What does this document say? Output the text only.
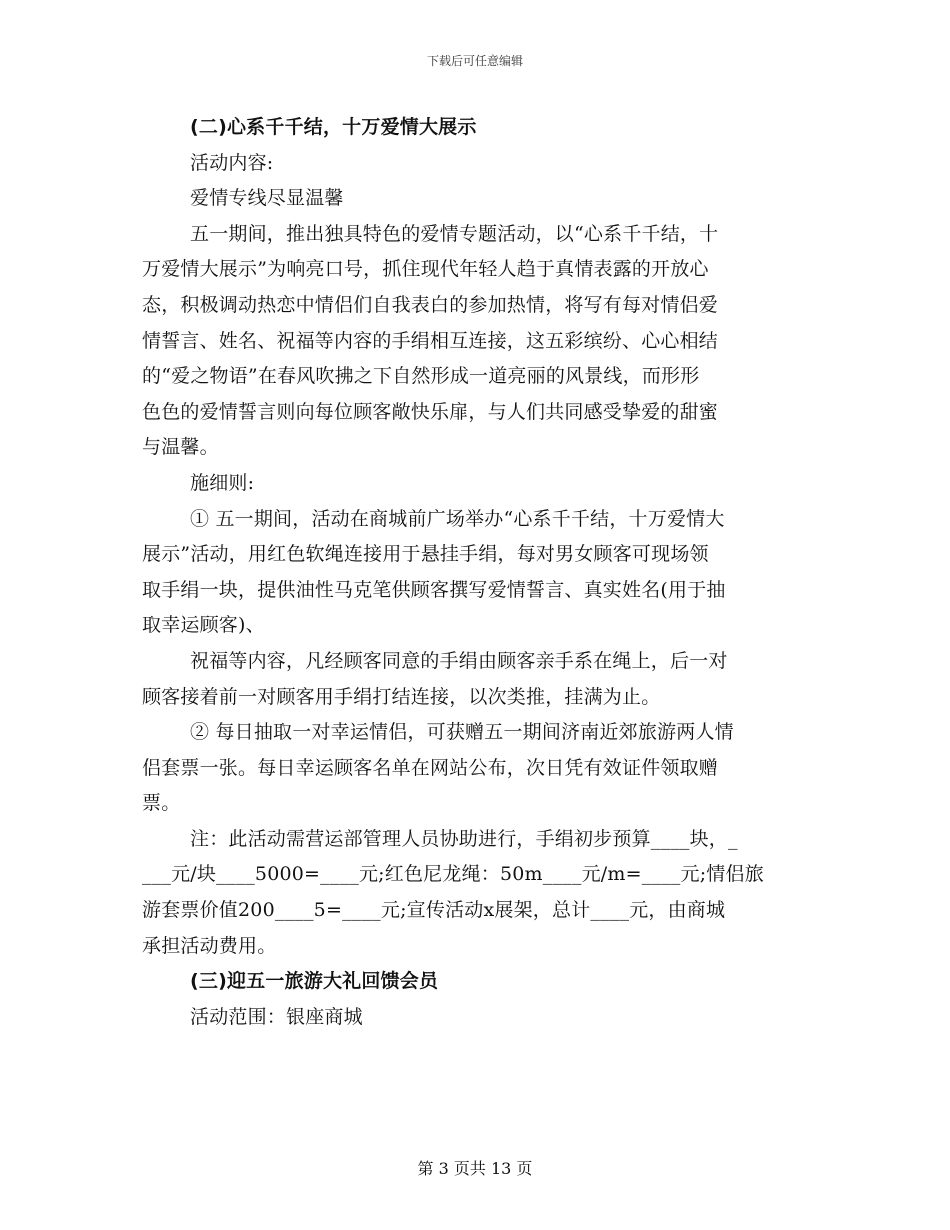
下载后可任意编辑
(二)心系千千结，十万爱情大展示
活动内容:
爱情专线尽显温馨
五一期间，推出独具特色的爱情专题活动，以“心系千千结，十
万爱情大展示”为响亮口号，抓住现代年轻人趋于真情表露的开放心
态，积极调动热恋中情侣们自我表白的参加热情，将写有每对情侣爱
情誓言、姓名、祝福等内容的手绢相互连接，这五彩缤纷、心心相结
的“爱之物语”在春风吹拂之下自然形成一道亮丽的风景线，而形形
色色的爱情誓言则向每位顾客敞快乐扉，与人们共同感受挚爱的甜蜜
与温馨。
施细则:
① 五一期间，活动在商城前广场举办“心系千千结，十万爱情大
展示”活动，用红色软绳连接用于悬挂手绢，每对男女顾客可现场领
取手绢一块，提供油性马克笔供顾客撰写爱情誓言、真实姓名(用于抽
取幸运顾客)、
祝福等内容，凡经顾客同意的手绢由顾客亲手系在绳上，后一对
顾客接着前一对顾客用手绢打结连接，以次类推，挂满为止。
② 每日抽取一对幸运情侣，可获赠五一期间济南近郊旅游两人情
侣套票一张。每日幸运顾客名单在网站公布，次日凭有效证件领取赠
票。
注：此活动需营运部管理人员协助进行，手绢初步预算____块，_
___元/块____5000=____元;红色尼龙绳：50m____元/m=____元;情侣旅
游套票价值200____5=____元;宣传活动x展架，总计____元，由商城
承担活动费用。
(三)迎五一旅游大礼回馈会员
活动范围：银座商城
第 3 页共 13 页
